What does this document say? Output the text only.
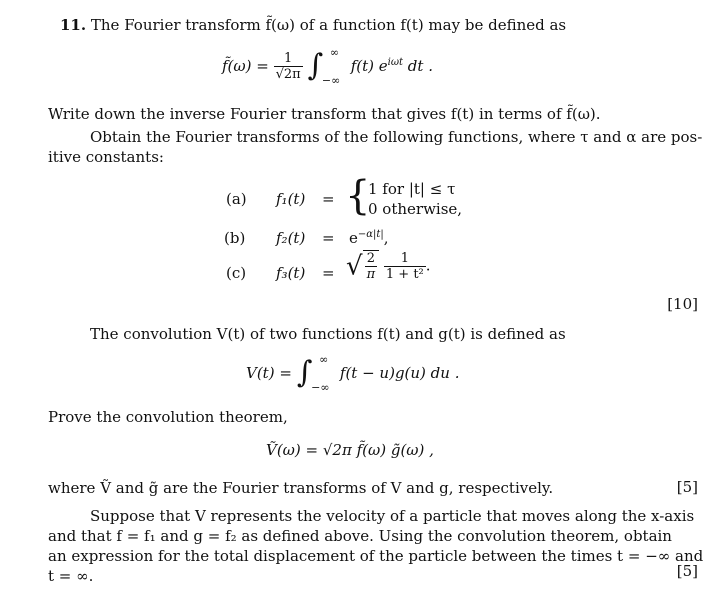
11. The Fourier transform f̃(ω) of a function f(t) may be defined as
f̃(ω) = $\frac{1}{√2\pi}$ ∫ ∞
−∞
f(t) $e^{i\omega t}$ dt .
Write down the inverse Fourier transform that gives f(t) in terms of f̃(ω).
Obtain the Fourier transforms of the following functions, where τ and α are pos-
itive constants:
(a) f₁(t) = {
1 for |t| ≤ τ
0 otherwise,
(b) $f_2(t) = e^{-\alpha|t|}$,
(c) f₃(t) = √ $\frac{2}{\pi}$
$\frac{1}{\text{1 + t²}}$ .
[10]
The convolution V(t) of two functions f(t) and g(t) is defined as
V(t) = ∫ ∞
−∞
f(t − u)g(u) du .
Prove the convolution theorem,
Ṽ(ω) = √2π f̃(ω) g̃(ω) ,
where Ṽ and g̃ are the Fourier transforms of V and g, respectively.	[5]
Suppose that V represents the velocity of a particle that moves along the x-axis
and that f = f₁ and g = f₂ as defined above. Using the convolution theorem, obtain
an expression for the total displacement of the particle between the times t = −∞ and
t = ∞.	[5]
